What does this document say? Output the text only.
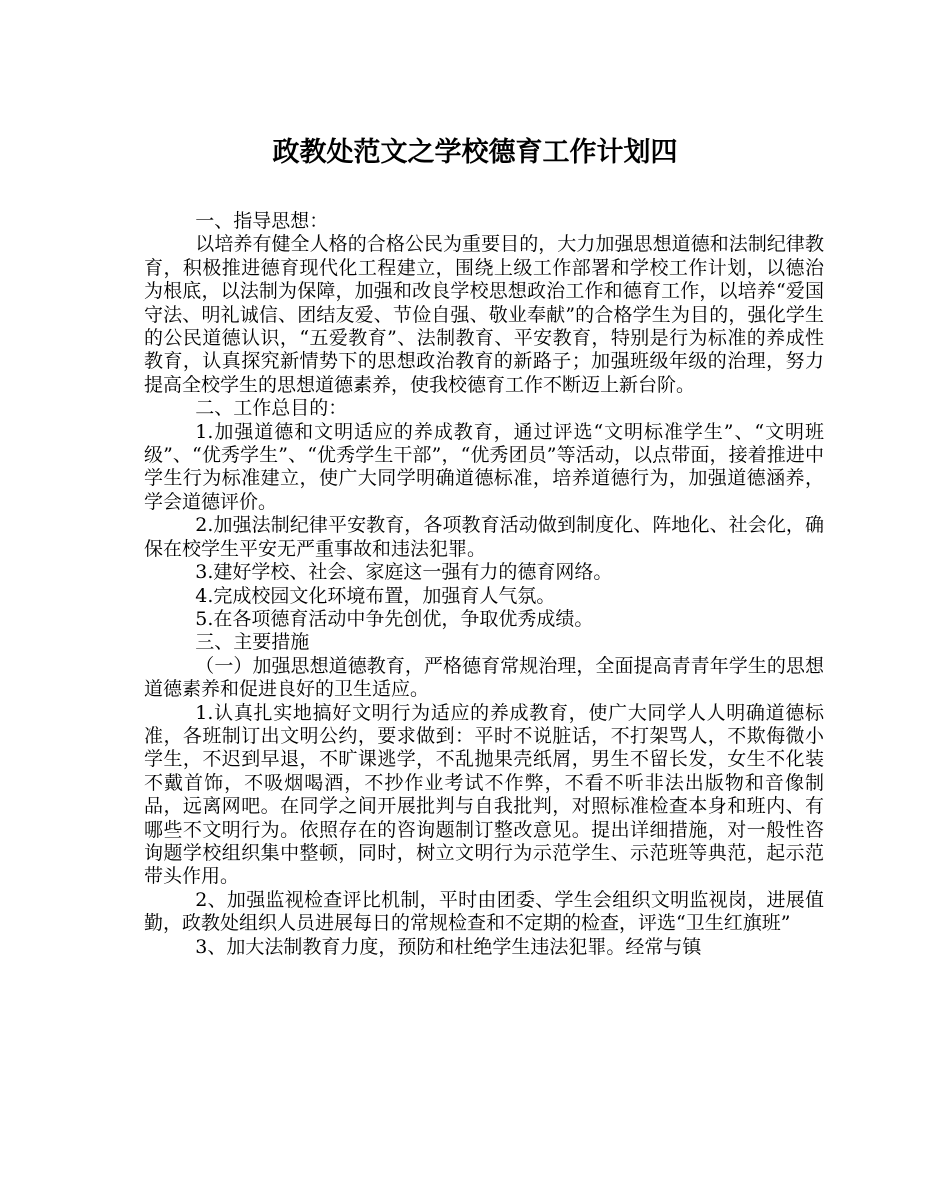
政教处范文之学校德育工作计划四

一、指导思想：

以培养有健全人格的合格公民为重要目的，大力加强思想道德和法制纪律教育，积极推进德育现代化工程建立，围绕上级工作部署和学校工作计划，以德治为根底，以法制为保障，加强和改良学校思想政治工作和德育工作，以培养“爱国守法、明礼诚信、团结友爱、节俭自强、敬业奉献”的合格学生为目的，强化学生的公民道德认识，“五爱教育”、法制教育、平安教育，特别是行为标准的养成性教育，认真探究新情势下的思想政治教育的新路子；加强班级年级的治理，努力提高全校学生的思想道德素养，使我校德育工作不断迈上新台阶。

二、工作总目的：

1.加强道德和文明适应的养成教育，通过评选“文明标准学生”、“文明班级”、“优秀学生”、“优秀学生干部”，“优秀团员”等活动，以点带面，接着推进中学生行为标准建立，使广大同学明确道德标准，培养道德行为，加强道德涵养，学会道德评价。

2.加强法制纪律平安教育，各项教育活动做到制度化、阵地化、社会化，确保在校学生平安无严重事故和违法犯罪。

3.建好学校、社会、家庭这一强有力的德育网络。

4.完成校园文化环境布置，加强育人气氛。

5.在各项德育活动中争先创优，争取优秀成绩。

三、主要措施

（一）加强思想道德教育，严格德育常规治理，全面提高青青年学生的思想道德素养和促进良好的卫生适应。

1.认真扎实地搞好文明行为适应的养成教育，使广大同学人人明确道德标准，各班制订出文明公约，要求做到：平时不说脏话，不打架骂人，不欺侮微小学生，不迟到早退，不旷课逃学，不乱抛果壳纸屑，男生不留长发，女生不化装不戴首饰，不吸烟喝酒，不抄作业考试不作弊，不看不听非法出版物和音像制品，远离网吧。在同学之间开展批判与自我批判，对照标准检查本身和班内、有哪些不文明行为。依照存在的咨询题制订整改意见。提出详细措施，对一般性咨询题学校组织集中整顿，同时，树立文明行为示范学生、示范班等典范，起示范带头作用。

2、加强监视检查评比机制，平时由团委、学生会组织文明监视岗，进展值勤，政教处组织人员进展每日的常规检查和不定期的检查，评选“卫生红旗班”

3、加大法制教育力度，预防和杜绝学生违法犯罪。经常与镇
